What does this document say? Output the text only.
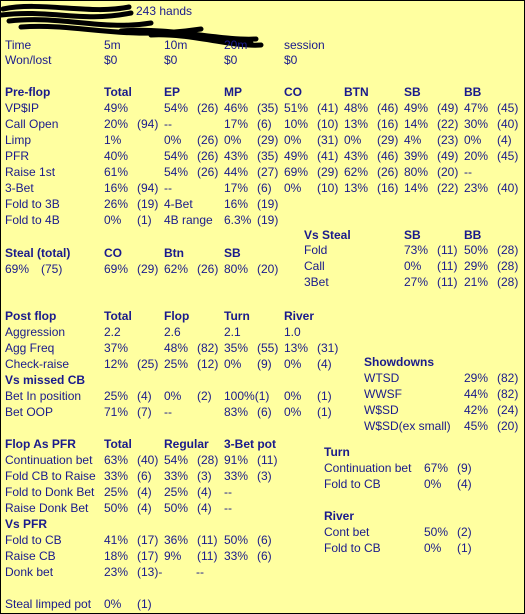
243 hands
Time	5m	10m	20m	session
Won/lost	$0	$0	$0	$0
Pre-flop	Total	EP	MP	CO	BTN	SB	BB
VP$IP	49%	54% (26) 46% (35) 51% (41) 48% (46) 49% (49) 47% (45)
Call Open	20% (94) --	17% (6) 10% (10) 13% (16) 14% (22) 30% (40)
Limp	1%	0% (26) 0% (29) 0% (31) 0% (29) 4% (23) 0% (4)
PFR	40%	54% (26) 43% (35) 49% (41) 43% (46) 39% (49) 20% (45)
Raise 1st	61%	54% (26) 44% (27) 69% (29) 62% (26) 80% (20) --
3-Bet	16% (94) --	17% (6) 0% (10) 13% (16) 14% (22) 23% (40)
Fold to 3B	26% (19) 4-Bet	16% (19)
Fold to 4B	0% (1) 4B range 6.3% (19)
Vs Steal	SB	BB
Fold	73% (11) 50% (28)
Call	0% (11) 29% (28)
3Bet	27% (11) 21% (28)
Steal (total)	CO	Btn	SB
69% (75)	69% (29) 62% (26) 80% (20)
Post flop	Total	Flop	Turn	River
Aggression	2.2	2.6	2.1	1.0
Agg Freq	37%	48% (82) 35% (55) 13% (31)
Check-raise	12% (25) 25% (12) 0% (9) 0% (4)
Vs missed CB
Bet In position 25% (4) 0% (2) 100%(1) 0% (1)
Bet OOP	71% (7) --	83% (6) 0% (1)
Showdowns
WTSD	29% (82)
WWSF	44% (82)
W$SD	42% (24)
W$SD(ex small) 45% (20)
Flop As PFR Total	Regular 3-Bet pot
Continuation bet 63% (40) 54% (28) 91% (11)
Fold CB to Raise 33% (6) 33% (3) 33% (3)
Fold to Donk Bet 25% (4) 25% (4) --
Raise Donk Bet 50% (4) 50% (4) --
Vs PFR
Fold to CB	41% (17) 36% (11) 50% (6)
Raise CB	18% (17) 9% (11) 33% (6)
Donk bet	23% (13)-	--
Turn
Continuation bet 67% (9)
Fold to CB	0% (4)
River
Cont bet	50% (2)
Fold to CB	0% (1)
Steal limped pot 0% (1)
